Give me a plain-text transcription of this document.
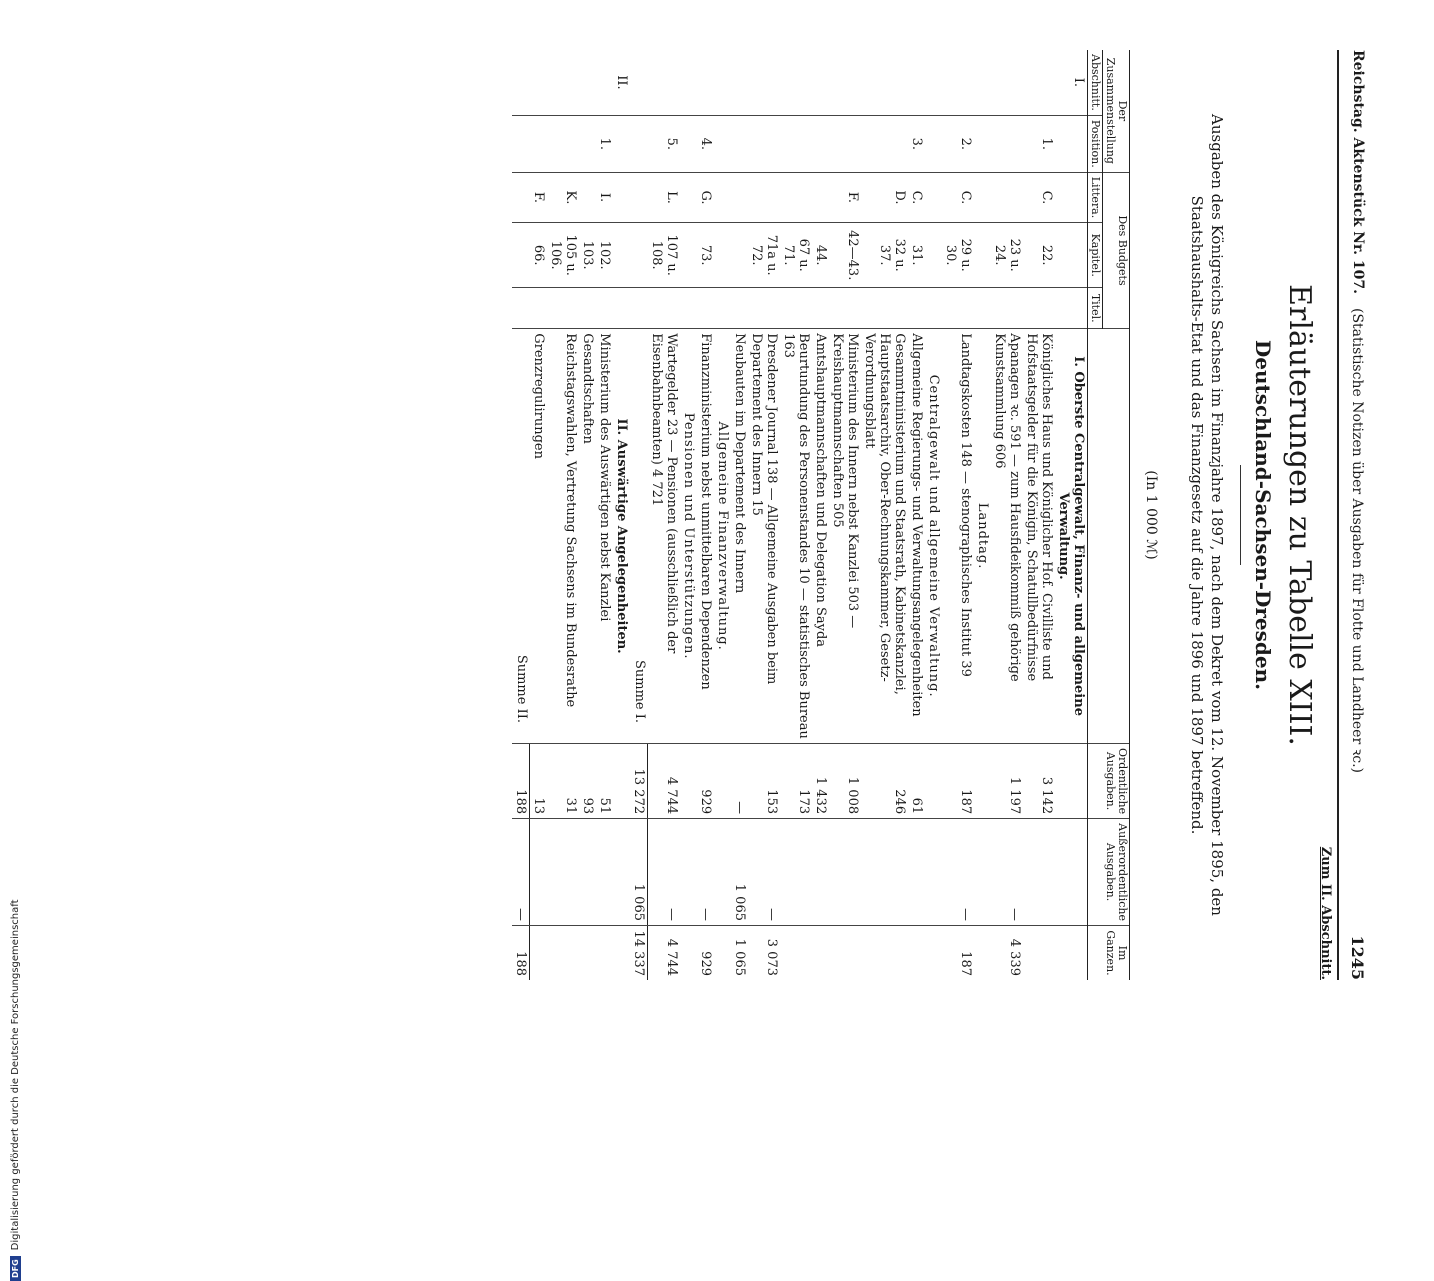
DFG
Digitalisierung gefördert durch die Deutsche Forschungsgemeinschaft
Reichstag. Aktenstück Nr. 107.
(Statistische Notizen über Ausgaben für Flotte und Landheer ꝛc.)
1245
Zum II. Abschnitt.
Erläuterungen zu Tabelle XIII.
Deutschland-Sachsen-Dresden.
Ausgaben des Königreichs Sachsen im Finanzjahre 1897, nach dem Dekret vom 12. November 1895, den Staatshaushalts-Etat und das Finanzgesetz auf die Jahre 1896 und 1897 betreffend.
(In 1 000 ℳ)
Der Zusammenstellung		Des Budgets				Ordentliche Ausgaben.	Außerordentliche Ausgaben.	Im Ganzen.
Abschnitt.	Position.	Littera.	Kapitel.	Titel.				
I.					I. Oberste Centralgewalt, Finanz- und allgemeine Verwaltung.			
	1.	C.	22.		Königliches Haus und Königlicher Hof. Civilliste und Hofstaatsgelder für die Königin, Schatullbedürfnisse	3 142		
			23 u. 24.		Apanagen ꝛc. 591 — zum Hausfideikommiß gehörige Kunstsammlung 606	1 197	—	4 339
					Landtag.			
	2.	C.	29 u. 30.		Landtagskosten 148 — stenographisches Institut 39	187	—	187
					Centralgewalt und allgemeine Verwaltung.			
	3.	C.	31.		Allgemeine Regierungs- und Verwaltungsangelegenheiten	61		
		D.	32 u. 37.		Gesammtministerium und Staatsrath, Kabinetskanzlei, Hauptstaatsarchiv, Ober-Rechnungskammer, Gesetz-Verordnungsblatt	246		
		F.	42—43.		Ministerium des Innern nebst Kanzlei 503 — Kreishauptmannschaften 505	1 008		
			44.		Amtshauptmannschaften und Delegation Sayda	1 432		
			67 u. 71.		Beurtundung des Personenstandes 10 — statistisches Bureau 163	173		
			71a u. 72.		Dresdener Journal 138 — Allgemeine Ausgaben beim Departement des Innern 15	153	—	3 073
					Neubauten im Departement des Innern	—	1 065	1 065
					Allgemeine Finanzverwaltung.			
	4.	G.	73.		Finanzministerium nebst unmittelbaren Dependenzen	929	—	929
					Pensionen und Unterstützungen.			
	5.	L.	107 u. 108.		Wartegelder 23 — Pensionen (ausschließlich der Eisenbahnbeamten) 4 721	4 744	—	4 744
					Summe I.	13 272	1 065	14 337
II.					II. Auswärtige Angelegenheiten.			
	1.	I.	102.		Ministerium des Auswärtigen nebst Kanzlei	51		
			103.		Gesandtschaften	93		
		K.	105 u. 106.		Reichstagswahlen, Vertretung Sachsens im Bundesrathe	31		
		F.	66.		Grenzregulirungen	13		
					Summe II.	188	—	188
